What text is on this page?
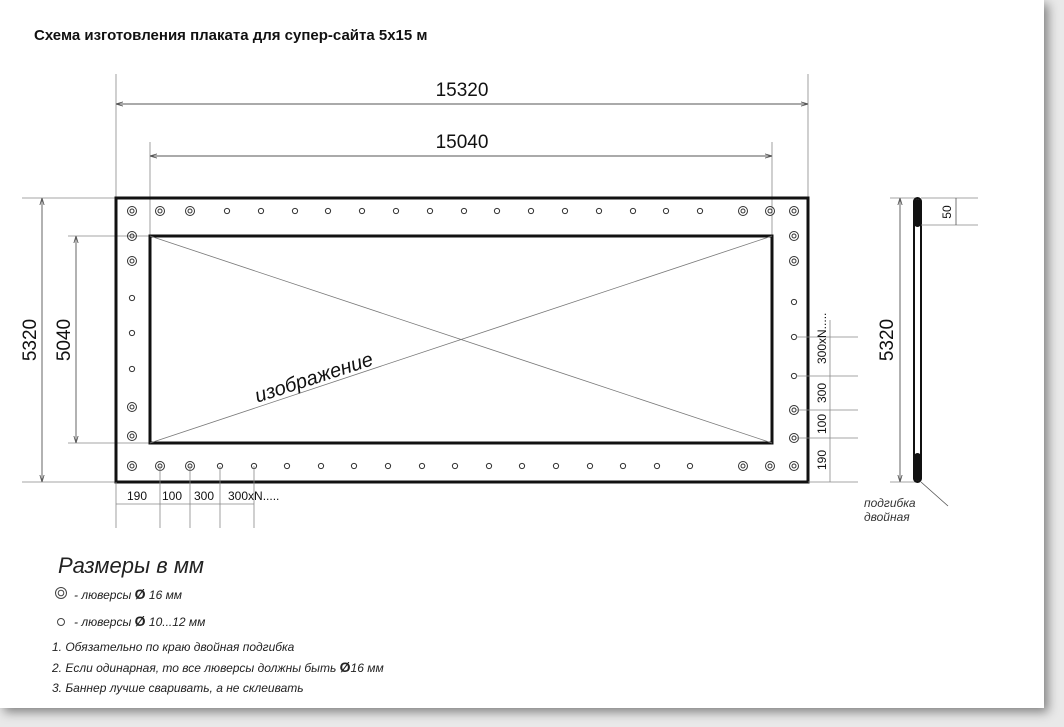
Схема изготовления плаката для супер-сайта 5х15 м
15320
15040
5320 5040
изображение
190 100 300 300xN.....
190
100
300
300xN.....	5320
50
подгибка
двойная
Размеры в мм
- люверсы Ø 16 мм
- люверсы Ø 10...12 мм
1. Обязательно по краю двойная подгибка
2. Если одинарная, то все люверсы должны быть Ø16 мм
3. Баннер лучше сваривать, а не склеивать
